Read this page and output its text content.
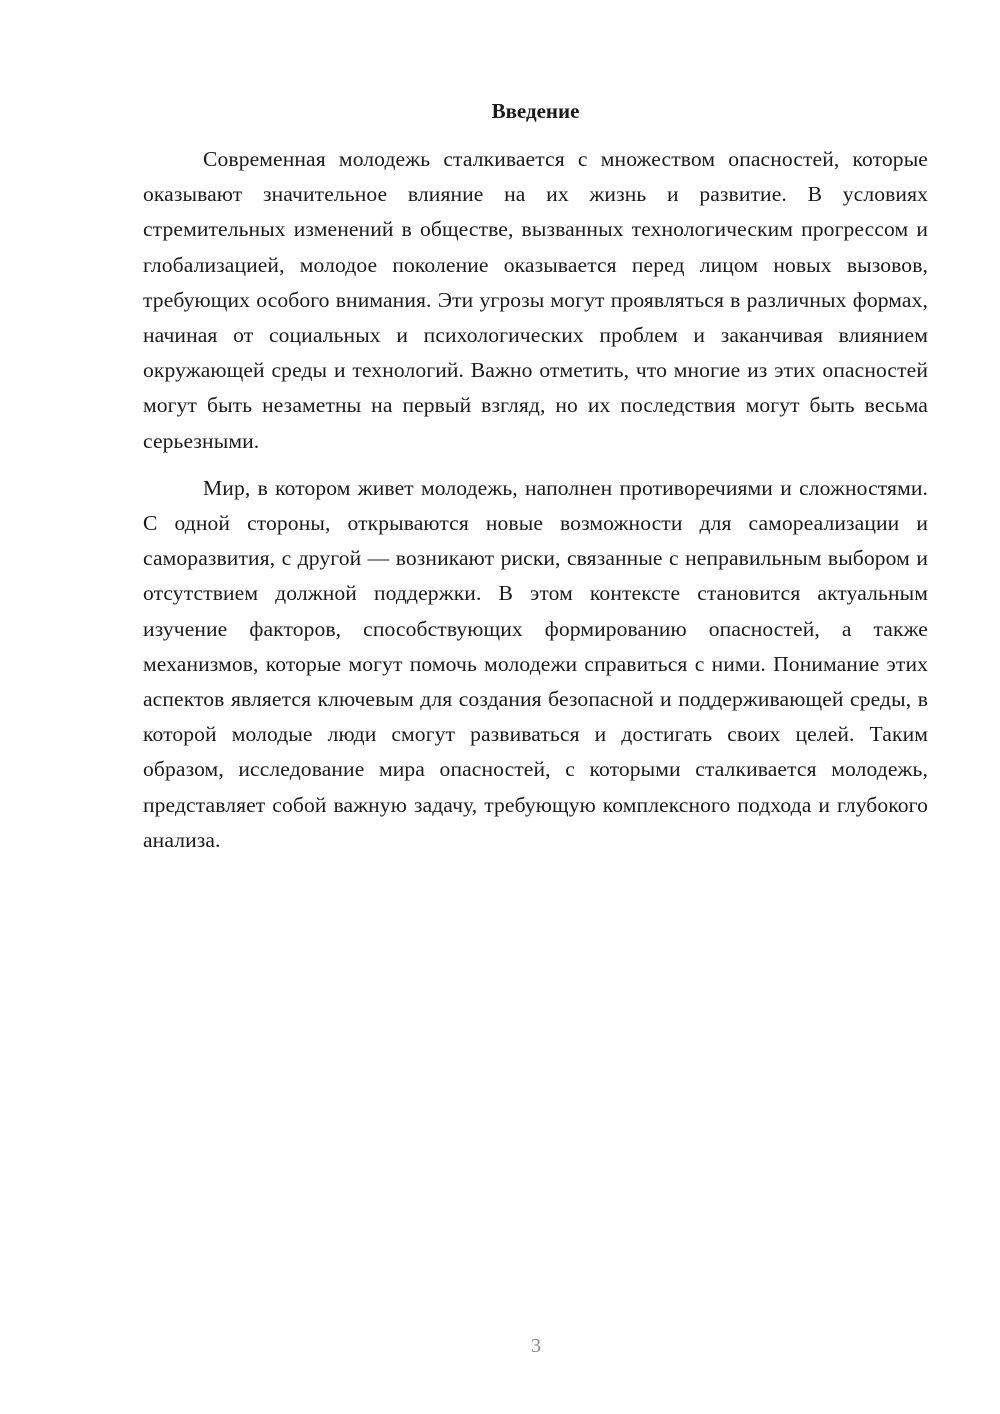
Введение

Современная молодежь сталкивается с множеством опасностей, которые оказывают значительное влияние на их жизнь и развитие. В условиях стремительных изменений в обществе, вызванных технологическим прогрессом и глобализацией, молодое поколение оказывается перед лицом новых вызовов, требующих особого внимания. Эти угрозы могут проявляться в различных формах, начиная от социальных и психологических проблем и заканчивая влиянием окружающей среды и технологий. Важно отметить, что многие из этих опасностей могут быть незаметны на первый взгляд, но их последствия могут быть весьма серьезными.

Мир, в котором живет молодежь, наполнен противоречиями и сложностями. С одной стороны, открываются новые возможности для самореализации и саморазвития, с другой — возникают риски, связанные с неправильным выбором и отсутствием должной поддержки. В этом контексте становится актуальным изучение факторов, способствующих формированию опасностей, а также механизмов, которые могут помочь молодежи справиться с ними. Понимание этих аспектов является ключевым для создания безопасной и поддерживающей среды, в которой молодые люди смогут развиваться и достигать своих целей. Таким образом, исследование мира опасностей, с которыми сталкивается молодежь, представляет собой важную задачу, требующую комплексного подхода и глубокого анализа.

3
